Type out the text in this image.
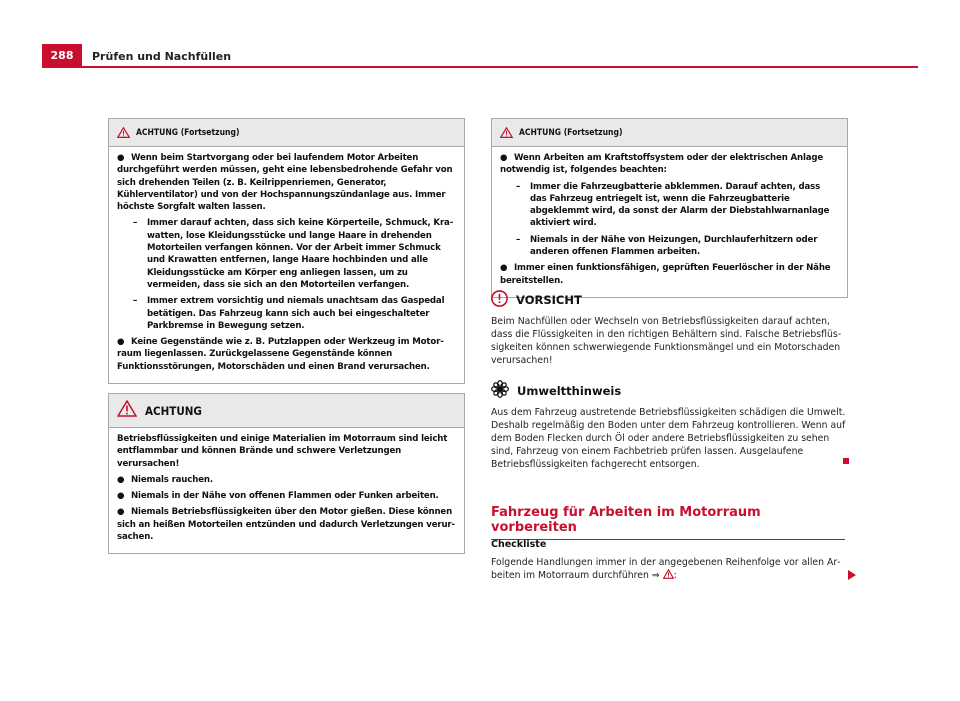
288	Prüfen und Nachfüllen
ACHTUNG (Fortsetzung)
● Wenn beim Startvorgang oder bei laufendem Motor Arbeiten durchgeführt werden müssen, geht eine lebensbedrohende Gefahr von sich drehenden Teilen (z. B. Keilrippenriemen, Generator, Kühlerventilator) und von der Hochspannungszündanlage aus. Immer höchste Sorgfalt walten lassen.
– Immer darauf achten, dass sich keine Körperteile, Schmuck, Krawatten, lose Kleidungsstücke und lange Haare in drehenden Motorteilen verfangen können. Vor der Arbeit immer Schmuck und Krawatten entfernen, lange Haare hochbinden und alle Kleidungsstücke am Körper eng anliegen lassen, um zu vermeiden, dass sie sich an den Motorteilen verfangen.
– Immer extrem vorsichtig und niemals unachtsam das Gaspedal betätigen. Das Fahrzeug kann sich auch bei eingeschalteter Parkbremse in Bewegung setzen.
● Keine Gegenstände wie z. B. Putzlappen oder Werkzeug im Motorraum liegenlassen. Zurückgelassene Gegenstände können Funktionsstörungen, Motorschäden und einen Brand verursachen.
ACHTUNG
Betriebsflüssigkeiten und einige Materialien im Motorraum sind leicht entflammbar und können Brände und schwere Verletzungen verursachen!
● Niemals rauchen.
● Niemals in der Nähe von offenen Flammen oder Funken arbeiten.
● Niemals Betriebsflüssigkeiten über den Motor gießen. Diese können sich an heißen Motorteilen entzünden und dadurch Verletzungen verursachen.
ACHTUNG (Fortsetzung)
● Wenn Arbeiten am Kraftstoffsystem oder der elektrischen Anlage notwendig ist, folgendes beachten:
– Immer die Fahrzeugbatterie abklemmen. Darauf achten, dass das Fahrzeug entriegelt ist, wenn die Fahrzeugbatterie abgeklemmt wird, da sonst der Alarm der Diebstahlwarnanlage aktiviert wird.
– Niemals in der Nähe von Heizungen, Durchlauferhitzern oder anderen offenen Flammen arbeiten.
● Immer einen funktionsfähigen, geprüften Feuerlöscher in der Nähe bereitstellen.
VORSICHT
Beim Nachfüllen oder Wechseln von Betriebsflüssigkeiten darauf achten, dass die Flüssigkeiten in den richtigen Behältern sind. Falsche Betriebsflüssigkeiten können schwerwiegende Funktionsmängel und ein Motorschaden verursachen!
Umweltthinweis
Aus dem Fahrzeug austretende Betriebsflüssigkeiten schädigen die Umwelt. Deshalb regelmäßig den Boden unter dem Fahrzeug kontrollieren. Wenn auf dem Boden Flecken durch Öl oder andere Betriebsflüssigkeiten zu sehen sind, Fahrzeug von einem Fachbetrieb prüfen lassen. Ausgelaufene Betriebsflüssigkeiten fachgerecht entsorgen.
Fahrzeug für Arbeiten im Motorraum vorbereiten
Checkliste
Folgende Handlungen immer in der angegebenen Reihenfolge vor allen Arbeiten im Motorraum durchführen ⇒ :
